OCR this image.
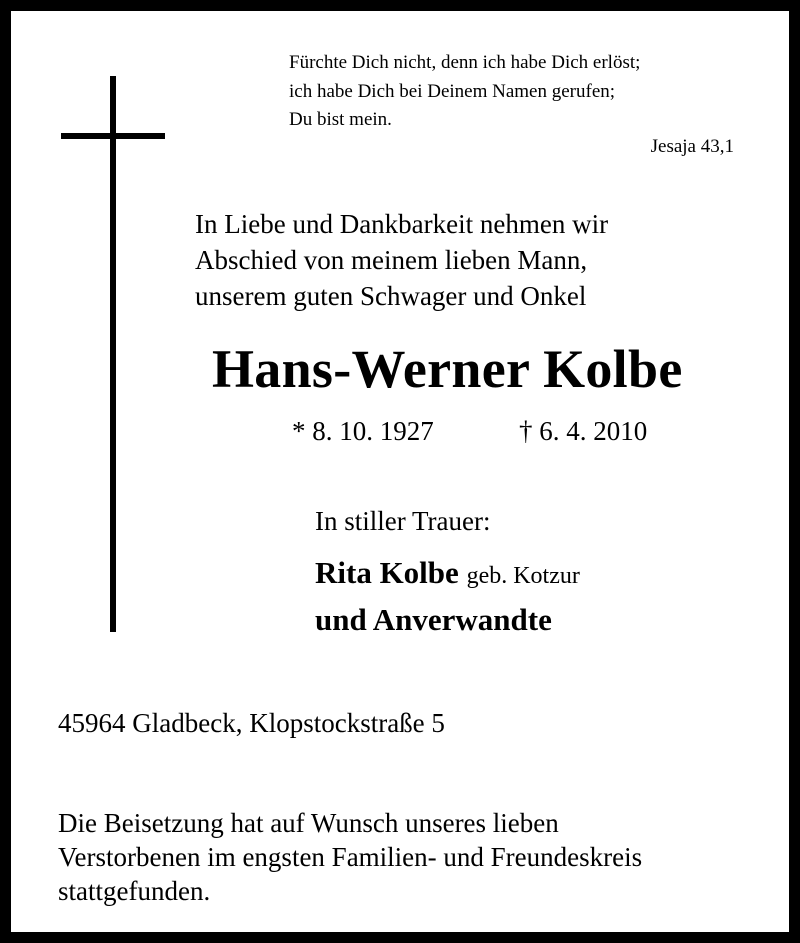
Fürchte Dich nicht, denn ich habe Dich erlöst;
ich habe Dich bei Deinem Namen gerufen;
Du bist mein.
Jesaja 43,1
In Liebe und Dankbarkeit nehmen wir
Abschied von meinem lieben Mann,
unserem guten Schwager und Onkel
Hans-Werner Kolbe
* 8. 10. 1927	† 6. 4. 2010
In stiller Trauer:
Rita Kolbe geb. Kotzur
und Anverwandte
45964 Gladbeck, Klopstockstraße 5
Die Beisetzung hat auf Wunsch unseres lieben
Verstorbenen im engsten Familien- und Freundeskreis
stattgefunden.
